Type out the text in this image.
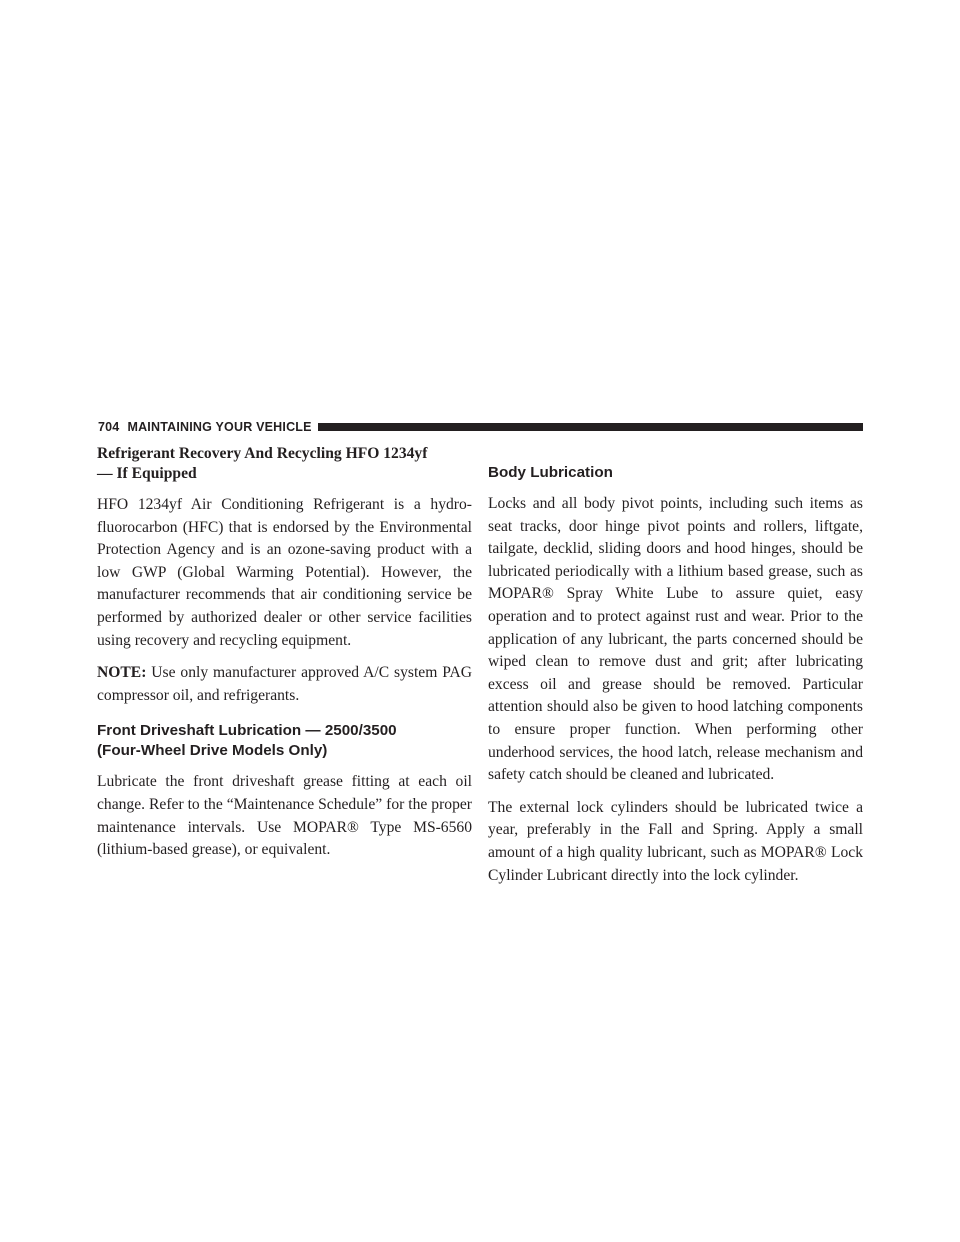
704 MAINTAINING YOUR VEHICLE
Refrigerant Recovery And Recycling HFO 1234yf
— If Equipped

HFO 1234yf Air Conditioning Refrigerant is a hydrofluorocarbon (HFC) that is endorsed by the Environmental Protection Agency and is an ozone-saving product with a low GWP (Global Warming Potential). However, the manufacturer recommends that air conditioning service be performed by authorized dealer or other service facilities using recovery and recycling equipment.

NOTE: Use only manufacturer approved A/C system PAG compressor oil, and refrigerants.

Front Driveshaft Lubrication — 2500/3500
(Four-Wheel Drive Models Only)

Lubricate the front driveshaft grease fitting at each oil change. Refer to the “Maintenance Schedule” for the proper maintenance intervals. Use MOPAR® Type MS-6560 (lithium-based grease), or equivalent.

Body Lubrication

Locks and all body pivot points, including such items as seat tracks, door hinge pivot points and rollers, liftgate, tailgate, decklid, sliding doors and hood hinges, should be lubricated periodically with a lithium based grease, such as MOPAR® Spray White Lube to assure quiet, easy operation and to protect against rust and wear. Prior to the application of any lubricant, the parts concerned should be wiped clean to remove dust and grit; after lubricating excess oil and grease should be removed. Particular attention should also be given to hood latching components to ensure proper function. When performing other underhood services, the hood latch, release mechanism and safety catch should be cleaned and lubricated.

The external lock cylinders should be lubricated twice a year, preferably in the Fall and Spring. Apply a small amount of a high quality lubricant, such as MOPAR® Lock Cylinder Lubricant directly into the lock cylinder.
